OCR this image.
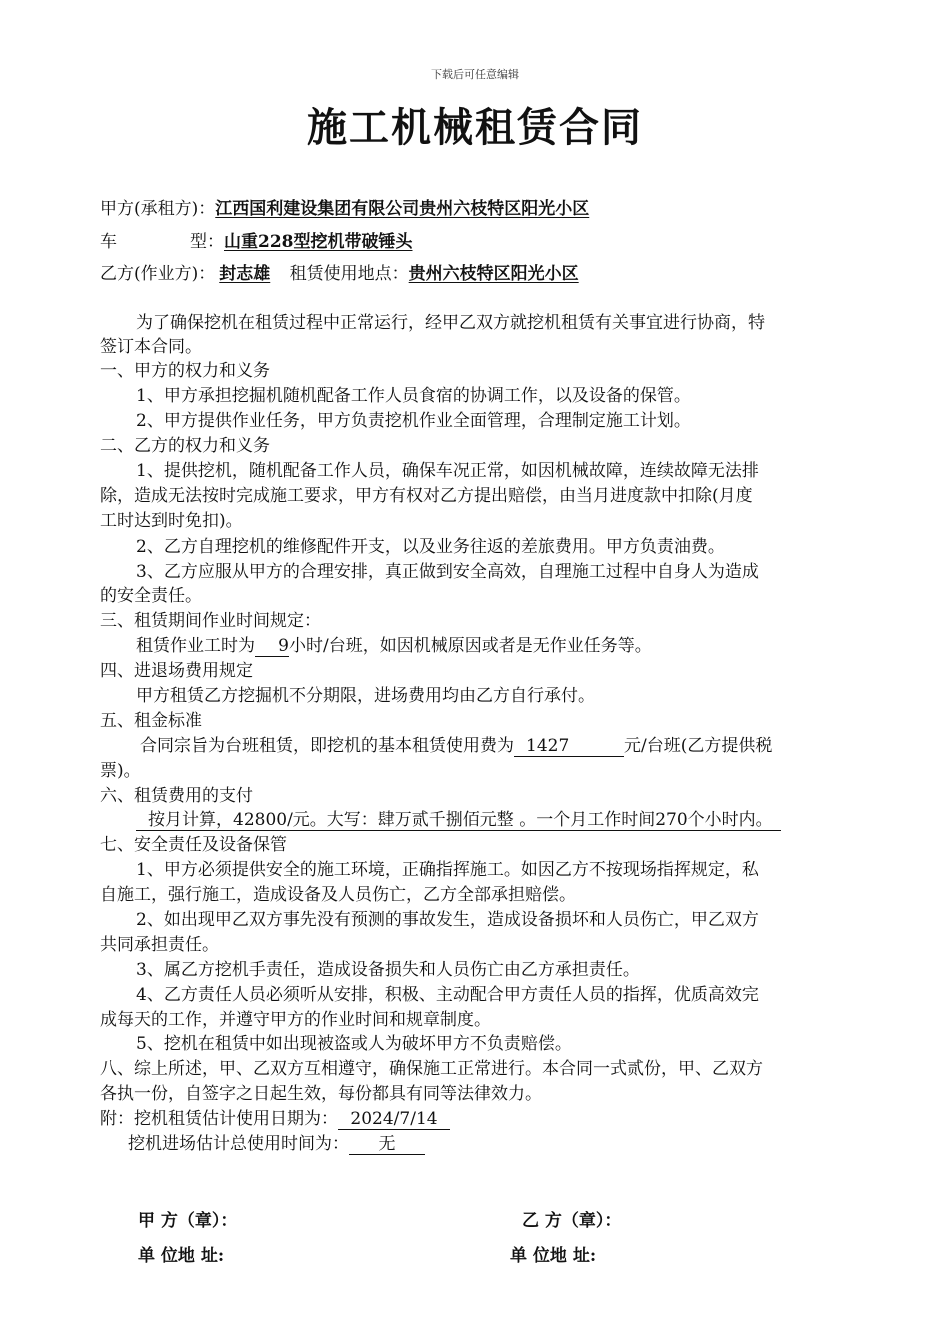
下载后可任意编辑
施工机械租赁合同
甲方(承租方)：江西国利建设集团有限公司贵州六枝特区阳光小区
车	型：山重228型挖机带破锤头
乙方(作业方)： 封志雄 租赁使用地点：贵州六枝特区阳光小区
为了确保挖机在租赁过程中正常运行，经甲乙双方就挖机租赁有关事宜进行协商，特
签订本合同。
一、甲方的权力和义务
1、甲方承担挖掘机随机配备工作人员食宿的协调工作，以及设备的保管。
2、甲方提供作业任务，甲方负责挖机作业全面管理，合理制定施工计划。
二、乙方的权力和义务
1、提供挖机，随机配备工作人员，确保车况正常，如因机械故障，连续故障无法排
除，造成无法按时完成施工要求，甲方有权对乙方提出赔偿，由当月进度款中扣除(月度
工时达到时免扣)。
2、乙方自理挖机的维修配件开支，以及业务往返的差旅费用。甲方负责油费。
3、乙方应服从甲方的合理安排，真正做到安全高效，自理施工过程中自身人为造成
的安全责任。
三、租赁期间作业时间规定：
租赁作业工时为 9小时/台班，如因机械原因或者是无作业任务等。
四、进退场费用规定
甲方租赁乙方挖掘机不分期限，进场费用均由乙方自行承付。
五、租金标准
合同宗旨为台班租赁，即挖机的基本租赁使用费为 1427	元/台班(乙方提供税
票)。
六、租赁费用的支付
按月计算，42800/元。大写：肆万贰千捌佰元整 。一个月工作时间270个小时内。
七、安全责任及设备保管
1、甲方必须提供安全的施工环境，正确指挥施工。如因乙方不按现场指挥规定，私
自施工，强行施工，造成设备及人员伤亡，乙方全部承担赔偿。
2、如出现甲乙双方事先没有预测的事故发生，造成设备损坏和人员伤亡，甲乙双方
共同承担责任。
3、属乙方挖机手责任，造成设备损失和人员伤亡由乙方承担责任。
4、乙方责任人员必须听从安排，积极、主动配合甲方责任人员的指挥，优质高效完
成每天的工作，并遵守甲方的作业时间和规章制度。
5、挖机在租赁中如出现被盗或人为破坏甲方不负责赔偿。
八、综上所述，甲、乙双方互相遵守，确保施工正常进行。本合同一式贰份，甲、乙双方
各执一份，自签字之日起生效，每份都具有同等法律效力。
附：挖机租赁估计使用日期为： 2024/7/14
挖机进场估计总使用时间为： 无
甲 方（章）：	乙 方（章）：
单 位地 址:	单 位地 址:
